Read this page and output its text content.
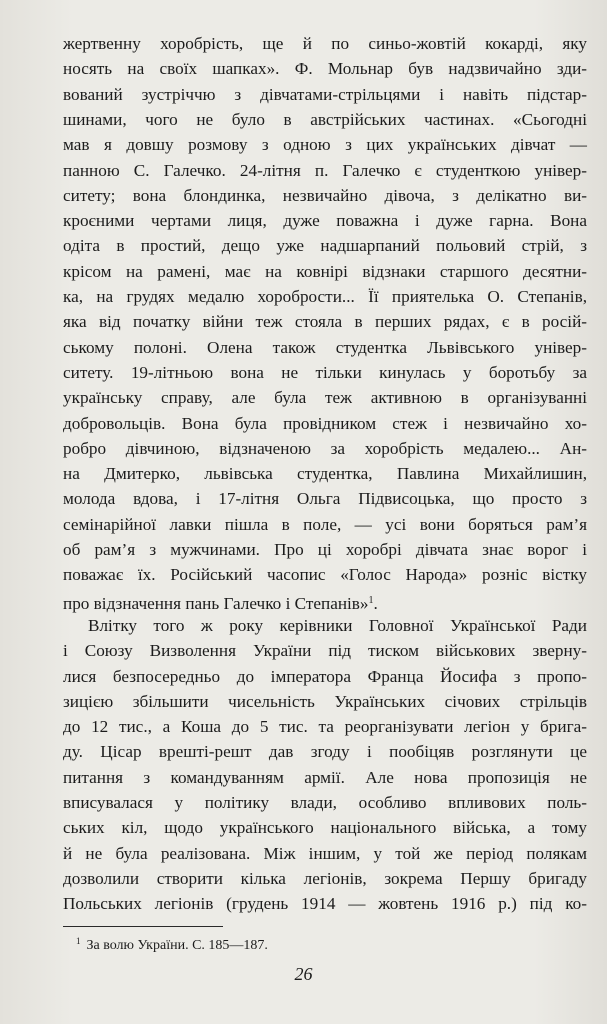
жертвенну хоробрість, ще й по синьо-жовтій кокарді, яку
носять на своїх шапках». Ф. Мольнар був надзвичайно зди-
вований зустріччю з дівчатами-стрільцями і навіть підстар-
шинами, чого не було в австрійських частинах. «Сьогодні
мав я довшу розмову з одною з цих українських дівчат —
панною С. Галечко. 24-літня п. Галечко є студенткою універ-
ситету; вона блондинка, незвичайно дівоча, з делікатно ви-
кроєними чертами лиця, дуже поважна і дуже гарна. Вона
одіта в простий, дещо уже надшарпаний польовий стрій, з
крісом на рамені, має на ковнірі відзнаки старшого десятни-
ка, на грудях медалю хоробрости... Її приятелька О. Степанів,
яка від початку війни теж стояла в перших рядах, є в росій-
ському полоні. Олена також студентка Львівського універ-
ситету. 19-літньою вона не тільки кинулась у боротьбу за
українську справу, але була теж активною в організуванні
добровольців. Вона була провідником стеж і незвичайно хо-
робро дівчиною, відзначеною за хоробрість медалею... Ан-
на Дмитерко, львівська студентка, Павлина Михайлишин,
молода вдова, і 17-літня Ольга Підвисоцька, що просто з
семінарійної лавки пішла в поле, — усі вони боряться рам’я
об рам’я з мужчинами. Про ці хоробрі дівчата знає ворог і
поважає їх. Російський часопис «Голос Народа» розніс вістку
про відзначення пань Галечко і Степанів»$^1$.
Влітку того ж року керівники Головної Української Ради
і Союзу Визволення України під тиском військових зверну-
лися безпосередньо до імператора Франца Йосифа з пропо-
зицією збільшити чисельність Українських січових стрільців
до 12 тис., а Коша до 5 тис. та реорганізувати легіон у брига-
ду. Цісар врешті-решт дав згоду і пообіцяв розглянути це
питання з командуванням армії. Але нова пропозиція не
вписувалася у політику влади, особливо впливових поль-
ських кіл, щодо українського національного війська, а тому
й не була реалізована. Між іншим, у той же період полякам
дозволили створити кілька легіонів, зокрема Першу бригаду
Польських легіонів (грудень 1914 — жовтень 1916 р.) під ко-
$^1$ За волю України. С. 185—187.
26
